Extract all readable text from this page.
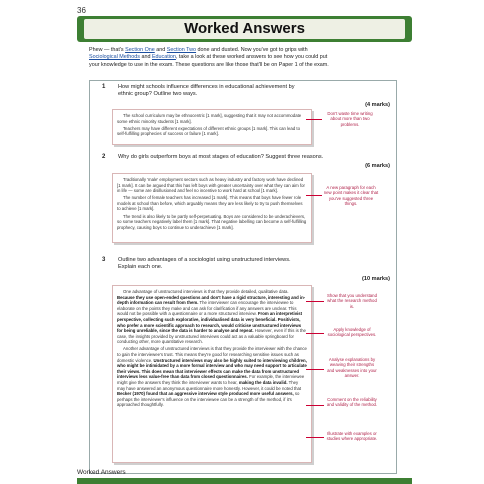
36
Worked Answers
Phew — that's Section One and Section Two done and dusted. Now you've got to grips with
Sociological Methods and Education, take a look at these worked answers to see how you could put
your knowledge to use in the exam. These questions are like those that'll be on Paper 1 of the exam.
1 How might schools influence differences in educational achievement by ethnic group? Outline two ways.
(4 marks)

The school curriculum may be ethnocentric [1 mark], suggesting that it may not accommodate some ethnic minority students [1 mark].

Teachers may have different expectations of different ethnic groups [1 mark]. This can lead to self-fulfilling prophecies of success or failure [1 mark].

Don't waste time writing about more than two problems.
2 Why do girls outperform boys at most stages of education? Suggest three reasons.
(6 marks)

Traditionally 'male' employment sectors such as heavy industry and factory work have declined [1 mark]. It can be argued that this has left boys with greater uncertainty over what they can aim for in life — some are disillusioned and feel no incentive to work hard at school [1 mark].

The number of female teachers has increased [1 mark]. This means that boys have fewer role models at school than before, which arguably means they are less likely to try to push themselves to achieve [1 mark].

The trend is also likely to be partly self-perpetuating. Boys are considered to be underachievers, so some teachers negatively label them [1 mark]. That negative labelling can become a self-fulfilling prophecy, causing boys to continue to underachieve [1 mark].

A new paragraph for each new point makes it clear that you've suggested three things.
3 Outline two advantages of a sociologist using unstructured interviews.
Explain each one.
(10 marks)

One advantage of unstructured interviews is that they provide detailed, qualitative data. Because they use open-ended questions and don't have a rigid structure, interesting and in-depth information can result from them. The interviewer can encourage the interviewee to elaborate on the points they make and can ask for clarification if any answers are unclear. This would not be possible with a questionnaire or a more structured interview. From an interpretivist perspective, collecting such explorative, individualised data is very beneficial. Positivists, who prefer a more scientific approach to research, would criticise unstructured interviews for being unreliable, since the data is harder to analyse and repeat. However, even if this is the case, the insights provided by unstructured interviews could act as a valuable springboard for conducting other, more quantitative research.

Another advantage of unstructured interviews is that they provide the interviewer with the chance to gain the interviewee's trust. This means they're good for researching sensitive issues such as domestic violence. Unstructured interviews may also be highly suited to interviewing children, who might be intimidated by a more formal interview and who may need support to articulate their views. This does mean that interviewer effects can make the data from unstructured interviews less value-free than data from closed questionnaires. For example, the interviewee might give the answers they think the interviewer wants to hear, making the data invalid. They may have answered an anonymous questionnaire more honestly. However, it could be noted that Becker (1970) found that an aggressive interview style produced more useful answers, so perhaps the interviewer's influence on the interviewee can be a strength of the method, if it's approached thoughtfully.

Show that you understand what the research method is.
Apply knowledge of sociological perspectives.
Analyse explanations by weaving their strengths and weaknesses into your answer.
Comment on the reliability and validity of the method.
Illustrate with examples or studies where appropriate.
Worked Answers
